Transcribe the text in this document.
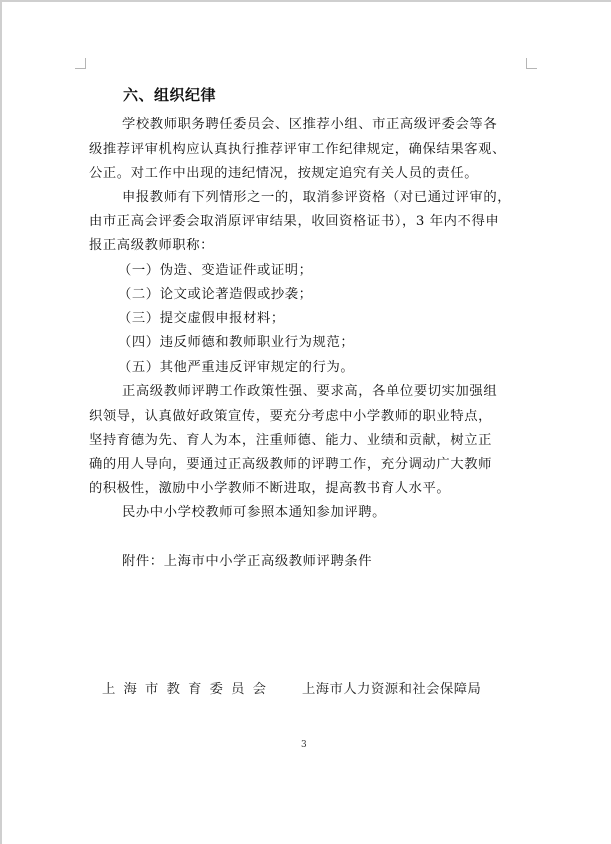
六、组织纪律
学校教师职务聘任委员会、区推荐小组、市正高级评委会等各
级推荐评审机构应认真执行推荐评审工作纪律规定，确保结果客观、
公正。对工作中出现的违纪情况，按规定追究有关人员的责任。
申报教师有下列情形之一的，取消参评资格（对已通过评审的，
由市正高会评委会取消原评审结果，收回资格证书），3 年内不得申
报正高级教师职称：
（一）伪造、变造证件或证明；
（二）论文或论著造假或抄袭；
（三）提交虚假申报材料；
（四）违反师德和教师职业行为规范；
（五）其他严重违反评审规定的行为。
正高级教师评聘工作政策性强、要求高，各单位要切实加强组
织领导，认真做好政策宣传，要充分考虑中小学教师的职业特点，
坚持育德为先、育人为本，注重师德、能力、业绩和贡献，树立正
确的用人导向，要通过正高级教师的评聘工作，充分调动广大教师
的积极性，激励中小学教师不断进取，提高教书育人水平。
民办中小学校教师可参照本通知参加评聘。
附件：上海市中小学正高级教师评聘条件
上 海 市 教 育 委 员 会	上海市人力资源和社会保障局
3
